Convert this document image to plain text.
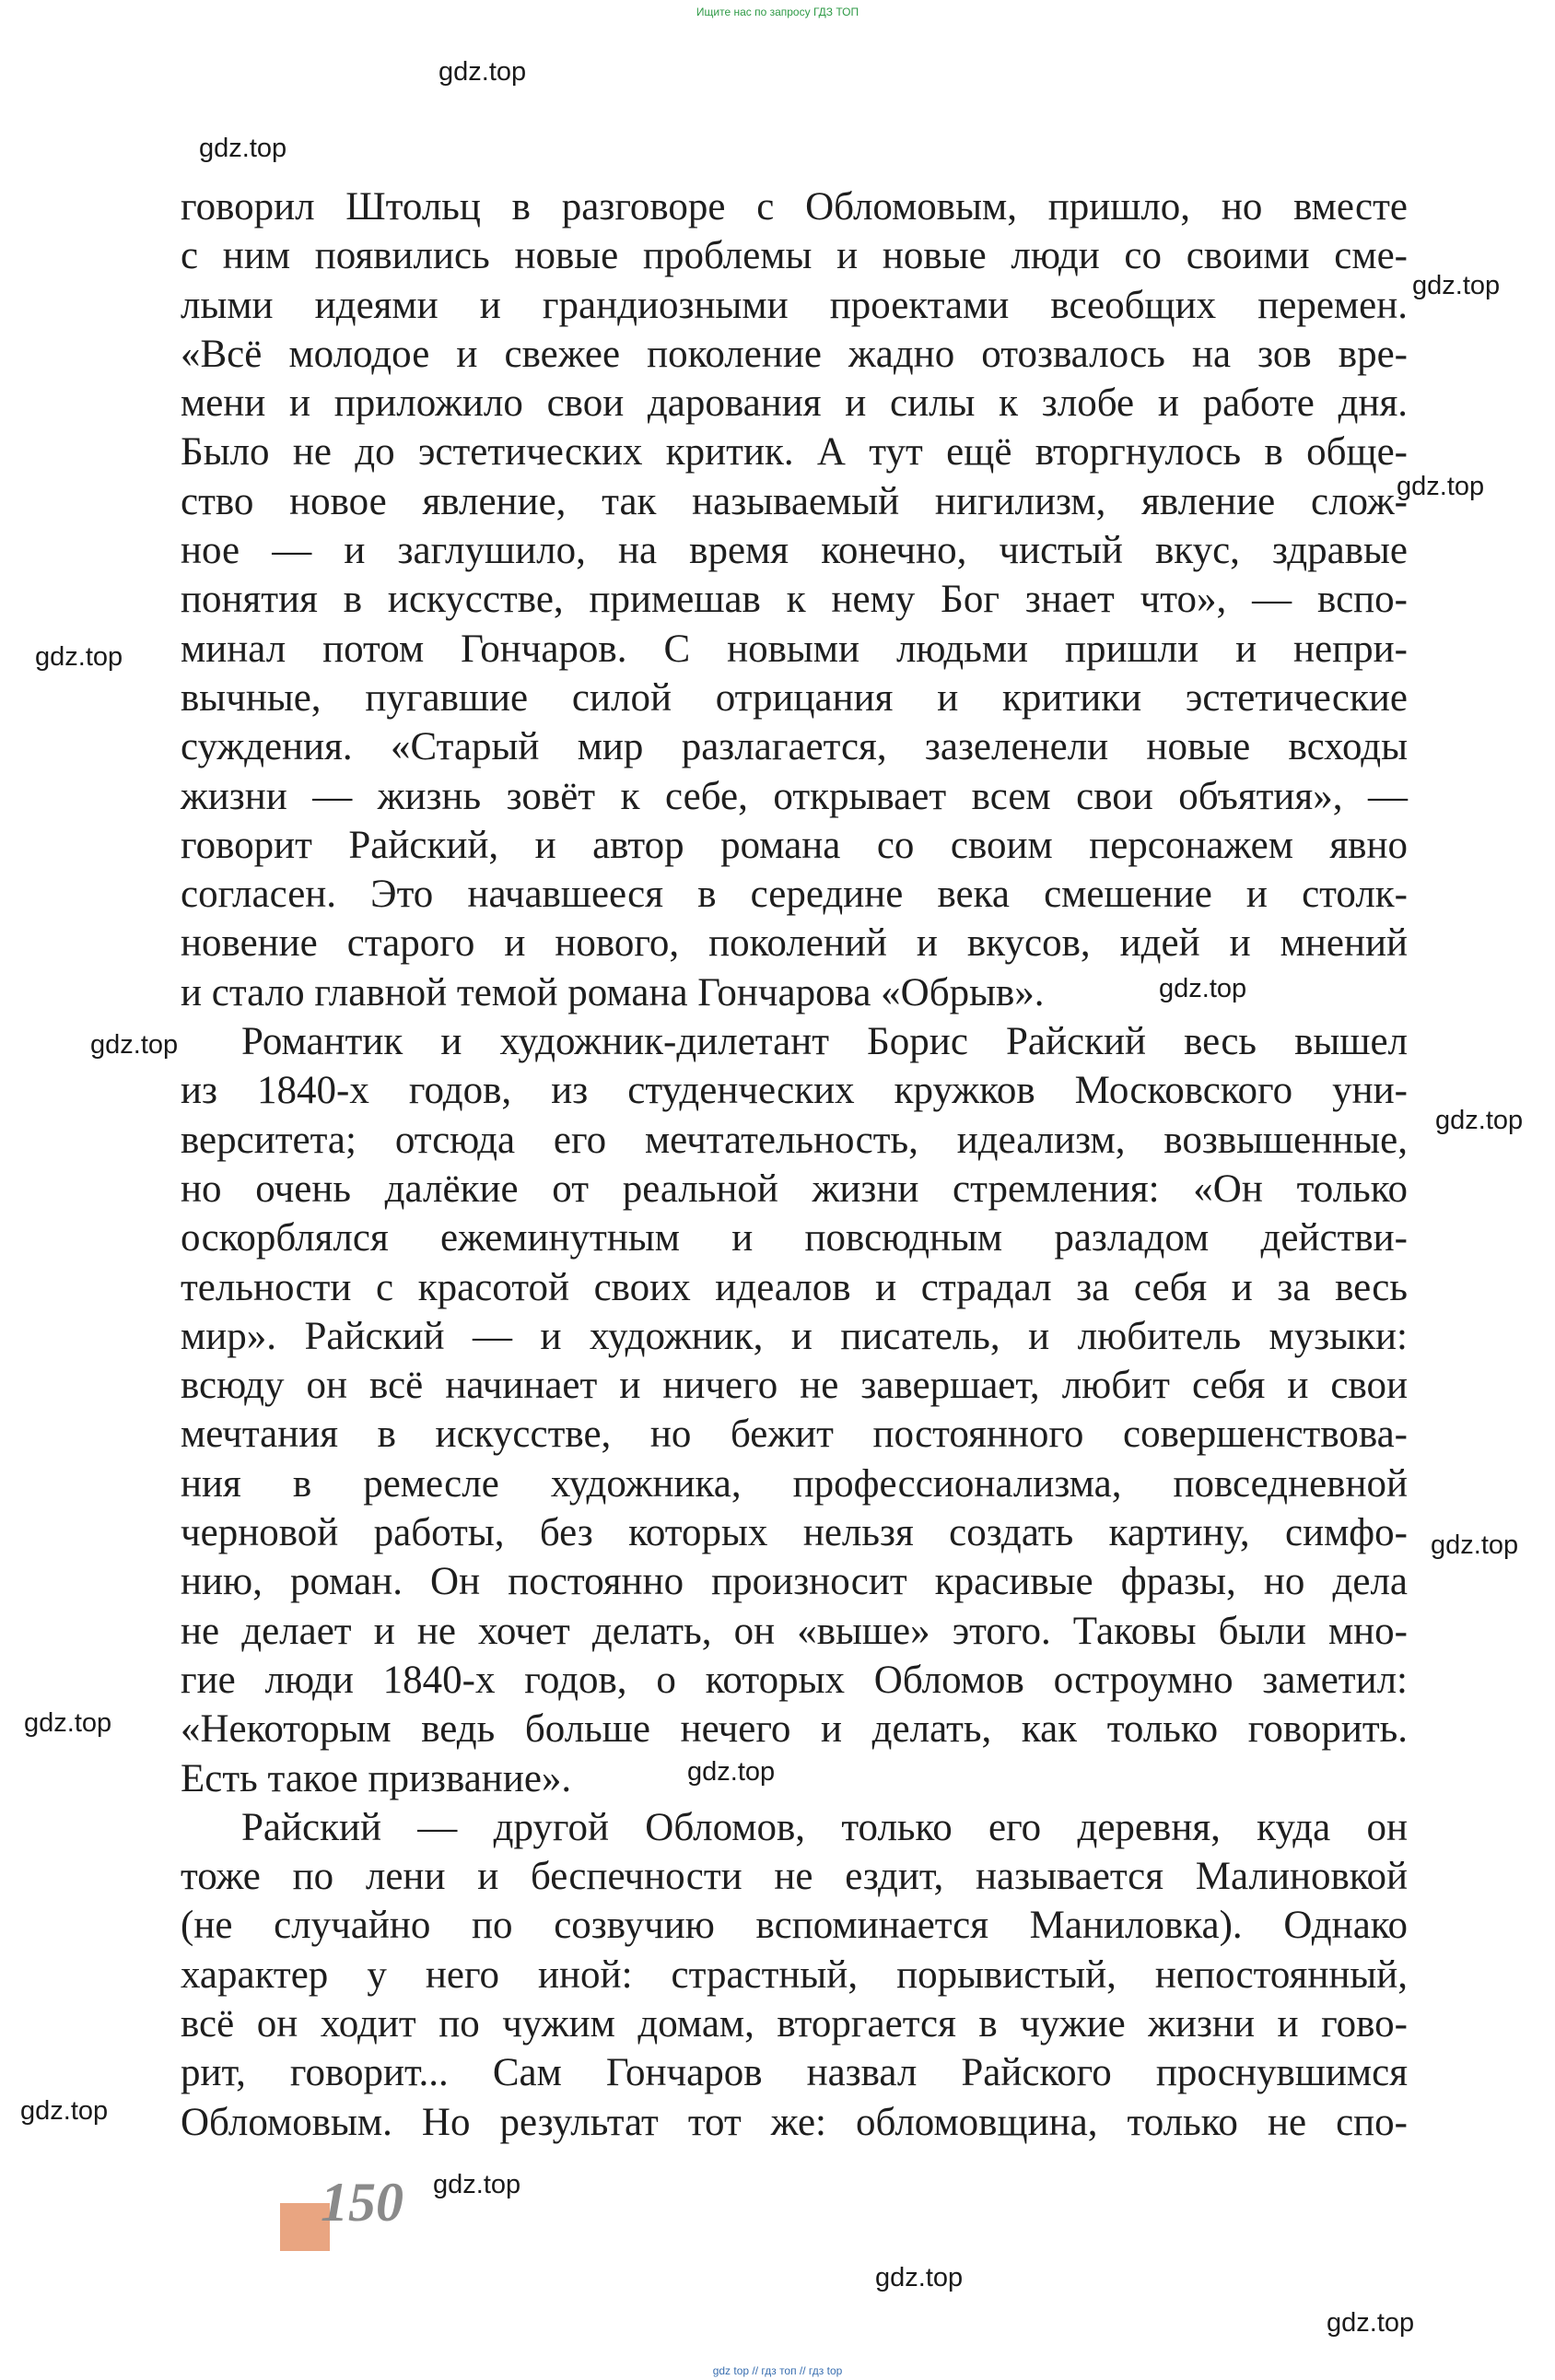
Ищите нас по запросу ГДЗ ТОП
говорил Штольц в разговоре с Обломовым, пришло, но вместе
с ним появились новые проблемы и новые люди со своими сме-
лыми идеями и грандиозными проектами всеобщих перемен.
«Всё молодое и свежее поколение жадно отозвалось на зов вре-
мени и приложило свои дарования и силы к злобе и работе дня.
Было не до эстетических критик. А тут ещё вторгнулось в обще-
ство новое явление, так называемый нигилизм, явление слож-
ное — и заглушило, на время конечно, чистый вкус, здравые
понятия в искусстве, примешав к нему Бог знает что», — вспо-
минал потом Гончаров. С новыми людьми пришли и непри-
вычные, пугавшие силой отрицания и критики эстетические
суждения. «Старый мир разлагается, зазеленели новые всходы
жизни — жизнь зовёт к себе, открывает всем свои объятия», —
говорит Райский, и автор романа со своим персонажем явно
согласен. Это начавшееся в середине века смешение и столк-
новение старого и нового, поколений и вкусов, идей и мнений
и стало главной темой романа Гончарова «Обрыв».
Романтик и художник-дилетант Борис Райский весь вышел
из 1840-х годов, из студенческих кружков Московского уни-
верситета; отсюда его мечтательность, идеализм, возвышенные,
но очень далёкие от реальной жизни стремления: «Он только
оскорблялся ежеминутным и повсюдным разладом действи-
тельности с красотой своих идеалов и страдал за себя и за весь
мир». Райский — и художник, и писатель, и любитель музыки:
всюду он всё начинает и ничего не завершает, любит себя и свои
мечтания в искусстве, но бежит постоянного совершенствова-
ния в ремесле художника, профессионализма, повседневной
черновой работы, без которых нельзя создать картину, симфо-
нию, роман. Он постоянно произносит красивые фразы, но дела
не делает и не хочет делать, он «выше» этого. Таковы были мно-
гие люди 1840-х годов, о которых Обломов остроумно заметил:
«Некоторым ведь больше нечего и делать, как только говорить.
Есть такое призвание».
Райский — другой Обломов, только его деревня, куда он
тоже по лени и беспечности не ездит, называется Малиновкой
(не случайно по созвучию вспоминается Маниловка). Однако
характер у него иной: страстный, порывистый, непостоянный,
всё он ходит по чужим домам, вторгается в чужие жизни и гово-
рит, говорит... Сам Гончаров назвал Райского проснувшимся
Обломовым. Но результат тот же: обломовщина, только не спо-
gdz.top
gdz.top
gdz.top
gdz.top
gdz.top
gdz.top
gdz.top
gdz.top
gdz.top
gdz.top
gdz.top
gdz.top
gdz.top
gdz.top
gdz.top
150
gdz top // гдз топ // гдз top
